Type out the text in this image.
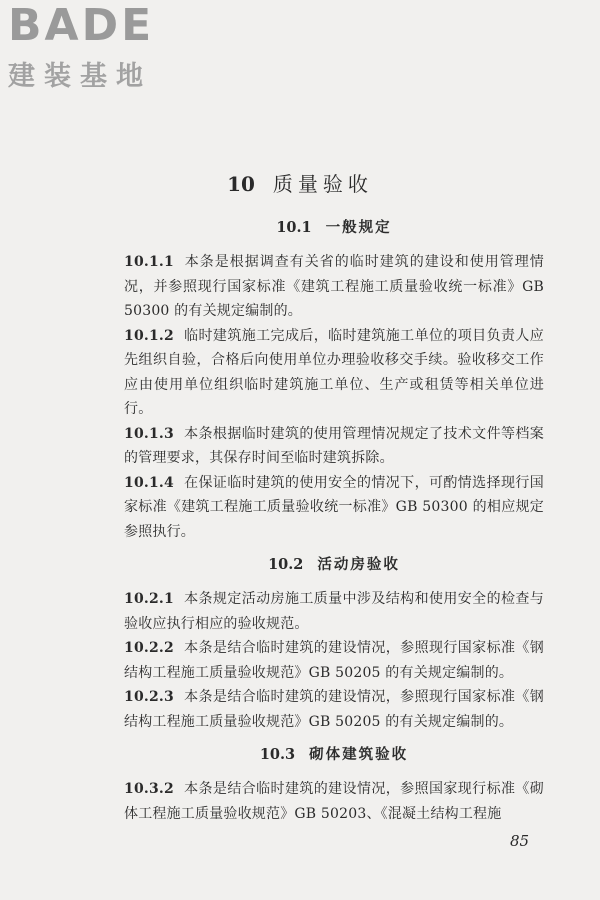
BADE
建装基地
10 质量验收
10.1 一般规定

10.1.1 本条是根据调查有关省的临时建筑的建设和使用管理情况，并参照现行国家标准《建筑工程施工质量验收统一标准》GB 50300 的有关规定编制的。

10.1.2 临时建筑施工完成后，临时建筑施工单位的项目负责人应先组织自验，合格后向使用单位办理验收移交手续。验收移交工作应由使用单位组织临时建筑施工单位、生产或租赁等相关单位进行。

10.1.3 本条根据临时建筑的使用管理情况规定了技术文件等档案的管理要求，其保存时间至临时建筑拆除。

10.1.4 在保证临时建筑的使用安全的情况下，可酌情选择现行国家标准《建筑工程施工质量验收统一标准》GB 50300 的相应规定参照执行。

10.2 活动房验收

10.2.1 本条规定活动房施工质量中涉及结构和使用安全的检查与验收应执行相应的验收规范。

10.2.2 本条是结合临时建筑的建设情况，参照现行国家标准《钢结构工程施工质量验收规范》GB 50205 的有关规定编制的。

10.2.3 本条是结合临时建筑的建设情况，参照现行国家标准《钢结构工程施工质量验收规范》GB 50205 的有关规定编制的。

10.3 砌体建筑验收

10.3.2 本条是结合临时建筑的建设情况，参照国家现行标准《砌体工程施工质量验收规范》GB 50203、《混凝土结构工程施

85
